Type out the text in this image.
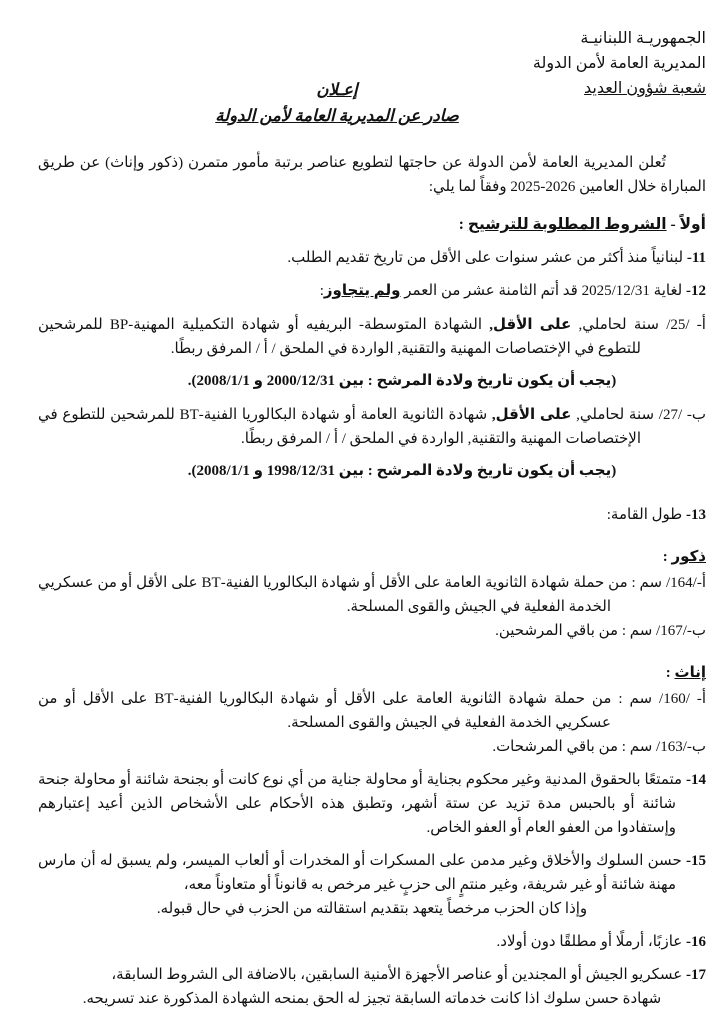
الجمهوريـة اللبنانيـة
المديرية العامة لأمن الدولة
شعبة شؤون العديد
إعـلان
صادر عن المديرية العامة لأمن الدولة
تُعلن المديرية العامة لأمن الدولة عن حاجتها لتطويع عناصر برتبة مأمور متمرن (ذكور وإناث) عن طريق المباراة خلال العامين 2026-2025 وفقاً لما يلي:
أولاً - الشروط المطلوبة للترشيح :
11- لبنانياً منذ أكثر من عشر سنوات على الأقل من تاريخ تقديم الطلب.
12- لغاية 2025/12/31 قد أتم الثامنة عشر من العمر ولم يتجاوز:
أ- /25/ سنة لحاملي, على الأقل, الشهادة المتوسطة- البريفيه أو شهادة التكميلية المهنية-BP للمرشحين للتطوع في الإختصاصات المهنية والتقنية, الواردة في الملحق / أ / المرفق ربطًا.
(يجب أن يكون تاريخ ولادة المرشح : بين 2000/12/31 و 2008/1/1).
ب- /27/ سنة لحاملي, على الأقل, شهادة الثانوية العامة أو شهادة البكالوريا الفنية-BT للمرشحين للتطوع في الإختصاصات المهنية والتقنية, الواردة في الملحق / أ / المرفق ربطًا.
(يجب أن يكون تاريخ ولادة المرشح : بين 1998/12/31 و 2008/1/1).
13- طول القامة:
ذكور :
أ-/164/ سم : من حملة شهادة الثانوية العامة على الأقل أو شهادة البكالوريا الفنية-BT على الأقل أو من عسكريي الخدمة الفعلية في الجيش والقوى المسلحة.
ب-/167/ سم : من باقي المرشحين.
إناث :
أ- /160/ سم : من حملة شهادة الثانوية العامة على الأقل أو شهادة البكالوريا الفنية-BT على الأقل أو من عسكريي الخدمة الفعلية في الجيش والقوى المسلحة.
ب-/163/ سم : من باقي المرشحات.
14- متمتعًا بالحقوق المدنية وغير محكوم بجناية أو محاولة جناية من أي نوع كانت أو بجنحة شائنة أو محاولة جنحة شائنة أو بالحبس مدة تزيد عن ستة أشهر، وتطبق هذه الأحكام على الأشخاص الذين أعيد إعتبارهم وإستفادوا من العفو العام أو العفو الخاص.
15- حسن السلوك والأخلاق وغير مدمن على المسكرات أو المخدرات أو ألعاب الميسر، ولم يسبق له أن مارس مهنة شائنة أو غير شريفة، وغير منتمٍ الى حزبٍ غير مرخص به قانوناً أو متعاوناً معه،
وإذا كان الحزب مرخصاً يتعهد بتقديم استقالته من الحزب في حال قبوله.
16- عازبًا، أرملًا أو مطلقًا دون أولاد.
17- عسكريو الجيش أو المجندين أو عناصر الأجهزة الأمنية السابقين، بالاضافة الى الشروط السابقة،
شهادة حسن سلوك اذا كانت خدماته السابقة تجيز له الحق بمنحه الشهادة المذكورة عند تسريحه.
